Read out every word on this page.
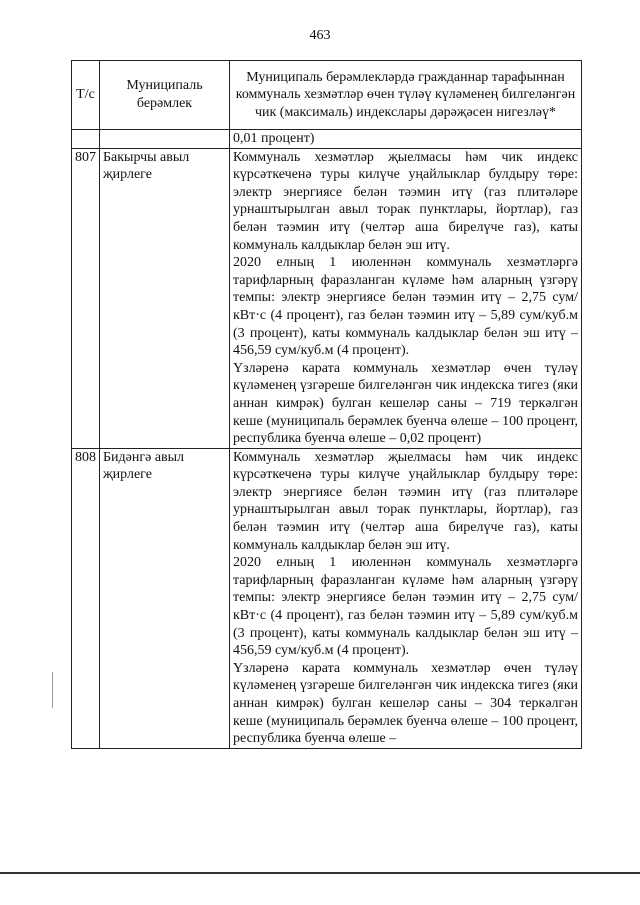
463
Т/с	Муниципаль берәмлек	Муниципаль берәмлекләрдә гражданнар тарафыннан коммуналь хезмәтләр өчен түләү күләменең билгеләнгән чик (максималь) индекслары дәрәҗәсен нигезләү*
		0,01 процент)
807	Бакырчы авыл җирлеге	Коммуналь хезмәтләр җыелмасы һәм чик индекс күрсәткеченә туры килүче уңайлыклар булдыру төре: электр энергиясе белән тәэмин итү (газ плитәләре урнаштырылган авыл торак пунктлары, йортлар), газ белән тәэмин итү (челтәр аша бирелүче газ), каты коммуналь калдыклар белән эш итү.

2020 елның 1 июленнән коммуналь хезмәтләргә тарифларның фаразланган күләме һәм аларның үзгәрү темпы: электр энергиясе белән тәэмин итү – 2,75 сум/кВт·с (4 процент), газ белән тәэмин итү – 5,89 сум/куб.м (3 процент), каты коммуналь калдыклар белән эш итү – 456,59 сум/куб.м (4 процент).

Үзләренә карата коммуналь хезмәтләр өчен түләү күләменең үзгәреше билгеләнгән чик индекска тигез (яки аннан кимрәк) булган кешеләр саны – 719 теркәлгән кеше (муниципаль берәмлек буенча өлеше – 100 процент, республика буенча өлеше – 0,02 процент)

808	Бидәнгә авыл җирлеге	Коммуналь хезмәтләр җыелмасы һәм чик индекс күрсәткеченә туры килүче уңайлыклар булдыру төре: электр энергиясе белән тәэмин итү (газ плитәләре урнаштырылган авыл торак пунктлары, йортлар), газ белән тәэмин итү (челтәр аша бирелүче газ), каты коммуналь калдыклар белән эш итү.

2020 елның 1 июленнән коммуналь хезмәтләргә тарифларның фаразланган күләме һәм аларның үзгәрү темпы: электр энергиясе белән тәэмин итү – 2,75 сум/кВт·с (4 процент), газ белән тәэмин итү – 5,89 сум/куб.м (3 процент), каты коммуналь калдыклар белән эш итү – 456,59 сум/куб.м (4 процент).

Үзләренә карата коммуналь хезмәтләр өчен түләү күләменең үзгәреше билгеләнгән чик индекска тигез (яки аннан кимрәк) булган кешеләр саны – 304 теркәлгән кеше (муниципаль берәмлек буенча өлеше – 100 процент, республика буенча өлеше –
